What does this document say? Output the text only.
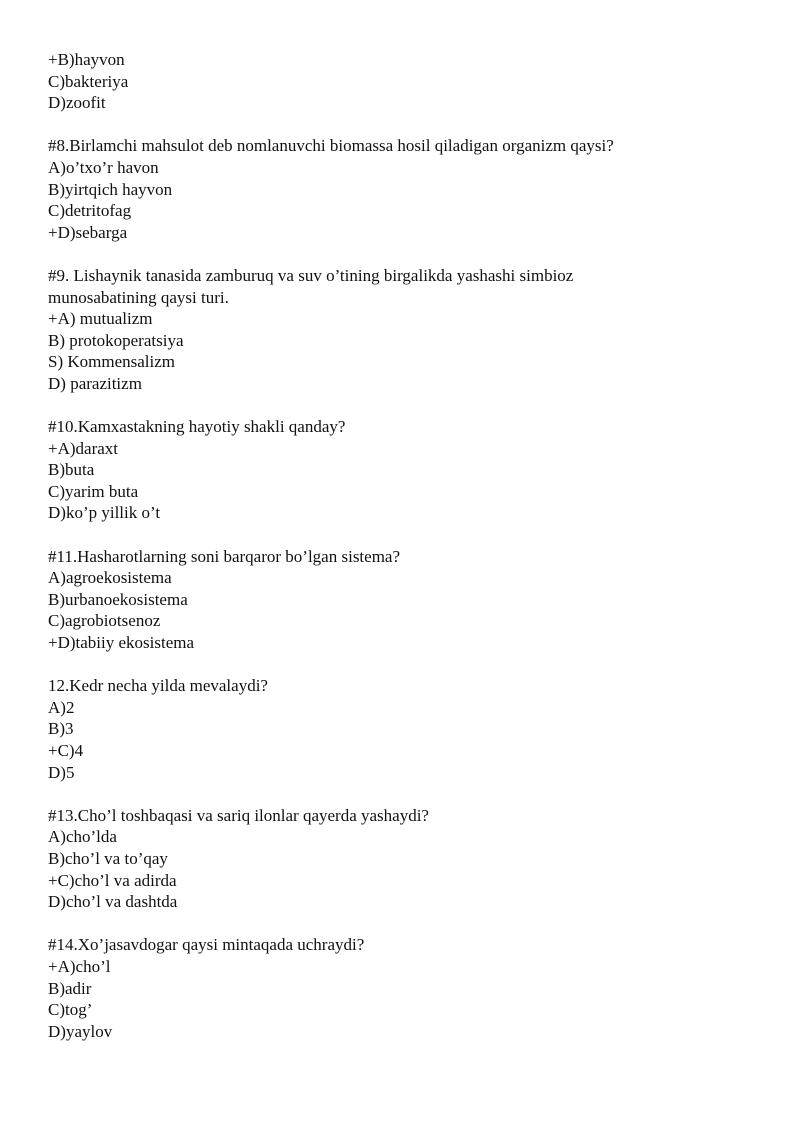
+B)hayvon
C)bakteriya
D)zoofit
#8.Birlamchi mahsulot deb nomlanuvchi biomassa hosil qiladigan organizm qaysi?
A)o’txo’r havon
B)yirtqich hayvon
C)detritofag
+D)sebarga
#9. Lishaynik tanasida zamburuq va suv o’tining birgalikda yashashi simbioz
munosabatining qaysi turi.
+A) mutualizm
B) protokoperatsiya
S) Kommensalizm
D) parazitizm
#10.Kamxastakning hayotiy shakli qanday?
+A)daraxt
B)buta
C)yarim buta
D)ko’p yillik o’t
#11.Hasharotlarning soni barqaror bo’lgan sistema?
A)agroekosistema
B)urbanoekosistema
C)agrobiotsenoz
+D)tabiiy ekosistema
12.Kedr necha yilda mevalaydi?
A)2
B)3
+C)4
D)5
#13.Cho’l toshbaqasi va sariq ilonlar qayerda yashaydi?
A)cho’lda
B)cho’l va to’qay
+C)cho’l va adirda
D)cho’l va dashtda
#14.Xo’jasavdogar qaysi mintaqada uchraydi?
+A)cho’l
B)adir
C)tog’
D)yaylov
